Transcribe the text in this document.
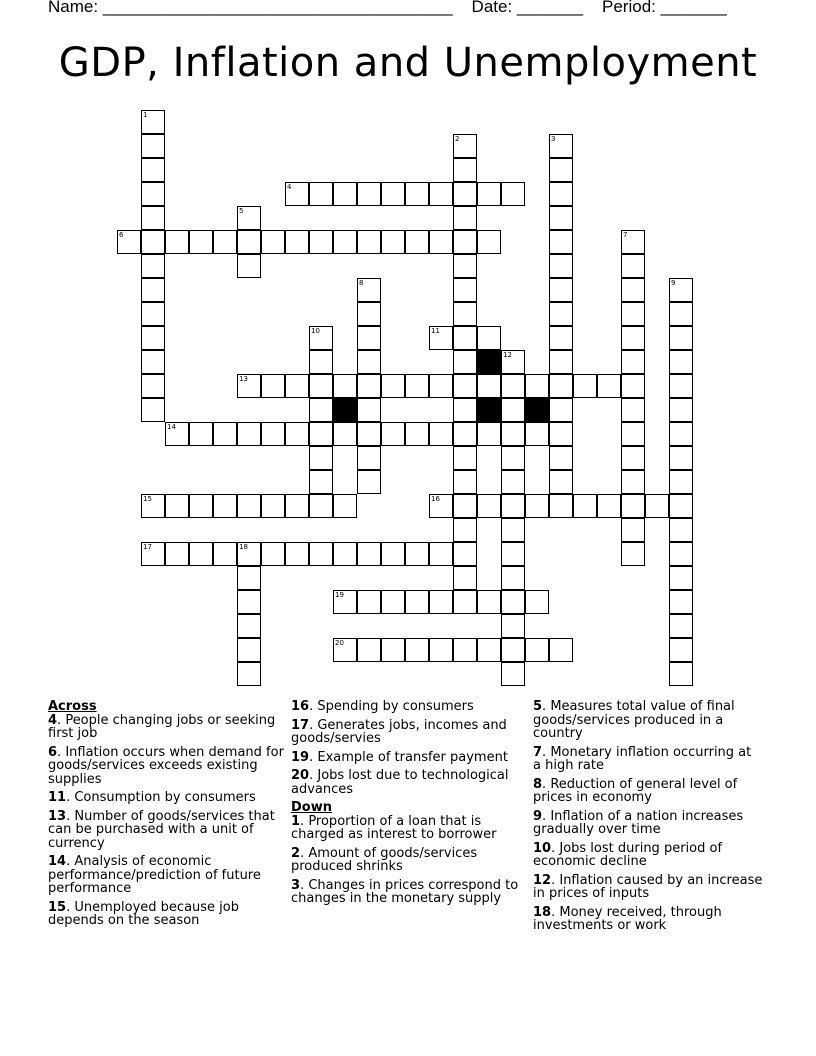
Name: _____________________________________ Date: _______ Period: _______
GDP, Inflation and Unemployment
1
2	3
4
5
6	7
8	9
10	11
12
13
14
15	16
17	18
19
20
Across
4. People changing jobs or seeking first job
6. Inflation occurs when demand for goods/services exceeds existing supplies
11. Consumption by consumers
13. Number of goods/services that can be purchased with a unit of currency
14. Analysis of economic performance/prediction of future performance
15. Unemployed because job depends on the season
16. Spending by consumers
17. Generates jobs, incomes and goods/servies
19. Example of transfer payment
20. Jobs lost due to technological advances
Down
1. Proportion of a loan that is charged as interest to borrower
2. Amount of goods/services produced shrinks
3. Changes in prices correspond to changes in the monetary supply
5. Measures total value of final goods/services produced in a country
7. Monetary inflation occurring at a high rate
8. Reduction of general level of prices in economy
9. Inflation of a nation increases gradually over time
10. Jobs lost during period of economic decline
12. Inflation caused by an increase in prices of inputs
18. Money received, through investments or work
